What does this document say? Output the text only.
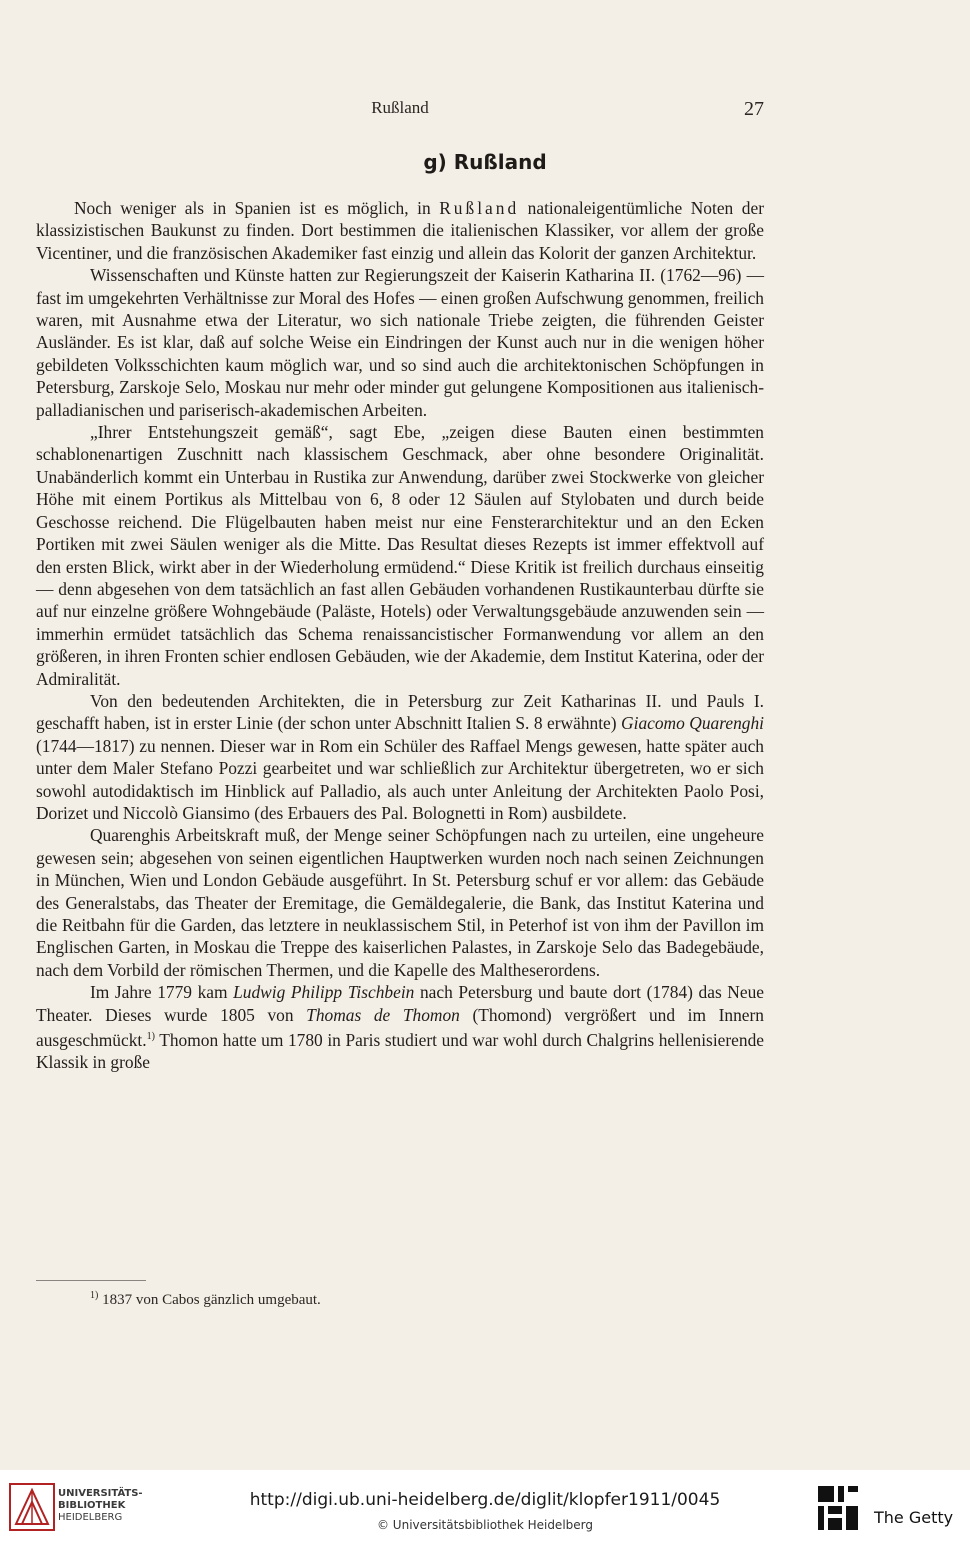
Rußland	27
g) Rußland

Noch weniger als in Spanien ist es möglich, in Rußland nationaleigentümliche Noten der klassizistischen Baukunst zu finden. Dort bestimmen die italienischen Klassiker, vor allem der große Vicentiner, und die französischen Akademiker fast einzig und allein das Kolorit der ganzen Architektur.

Wissenschaften und Künste hatten zur Regierungszeit der Kaiserin Katharina II. (1762—96) — fast im umgekehrten Verhältnisse zur Moral des Hofes — einen großen Aufschwung genommen, freilich waren, mit Ausnahme etwa der Literatur, wo sich nationale Triebe zeigten, die führenden Geister Ausländer. Es ist klar, daß auf solche Weise ein Eindringen der Kunst auch nur in die wenigen höher gebildeten Volksschichten kaum möglich war, und so sind auch die architektonischen Schöpfungen in Petersburg, Zarskoje Selo, Moskau nur mehr oder minder gut gelungene Kompositionen aus italienisch-palladianischen und pariserisch-akademischen Arbeiten.

„Ihrer Entstehungszeit gemäß“, sagt Ebe, „zeigen diese Bauten einen bestimmten schablonenartigen Zuschnitt nach klassischem Geschmack, aber ohne besondere Originalität. Unabänderlich kommt ein Unterbau in Rustika zur Anwendung, darüber zwei Stockwerke von gleicher Höhe mit einem Portikus als Mittelbau von 6, 8 oder 12 Säulen auf Stylobaten und durch beide Geschosse reichend. Die Flügelbauten haben meist nur eine Fensterarchitektur und an den Ecken Portiken mit zwei Säulen weniger als die Mitte. Das Resultat dieses Rezepts ist immer effektvoll auf den ersten Blick, wirkt aber in der Wiederholung ermüdend.“ Diese Kritik ist freilich durchaus einseitig — denn abgesehen von dem tatsächlich an fast allen Gebäuden vorhandenen Rustikaunterbau dürfte sie auf nur einzelne größere Wohngebäude (Paläste, Hotels) oder Verwaltungsgebäude anzuwenden sein — immerhin ermüdet tatsächlich das Schema renaissancistischer Formanwendung vor allem an den größeren, in ihren Fronten schier endlosen Gebäuden, wie der Akademie, dem Institut Katerina, oder der Admiralität.

Von den bedeutenden Architekten, die in Petersburg zur Zeit Katharinas II. und Pauls I. geschafft haben, ist in erster Linie (der schon unter Abschnitt Italien S. 8 erwähnte) Giacomo Quarenghi (1744—1817) zu nennen. Dieser war in Rom ein Schüler des Raffael Mengs gewesen, hatte später auch unter dem Maler Stefano Pozzi gearbeitet und war schließlich zur Architektur übergetreten, wo er sich sowohl autodidaktisch im Hinblick auf Palladio, als auch unter Anleitung der Architekten Paolo Posi, Dorizet und Niccolò Giansimo (des Erbauers des Pal. Bolognetti in Rom) ausbildete.

Quarenghis Arbeitskraft muß, der Menge seiner Schöpfungen nach zu urteilen, eine ungeheure gewesen sein; abgesehen von seinen eigentlichen Hauptwerken wurden noch nach seinen Zeichnungen in München, Wien und London Gebäude ausgeführt. In St. Petersburg schuf er vor allem: das Gebäude des Generalstabs, das Theater der Eremitage, die Gemäldegalerie, die Bank, das Institut Katerina und die Reitbahn für die Garden, das letztere in neuklassischem Stil, in Peterhof ist von ihm der Pavillon im Englischen Garten, in Moskau die Treppe des kaiserlichen Palastes, in Zarskoje Selo das Badegebäude, nach dem Vorbild der römischen Thermen, und die Kapelle des Maltheserordens.

Im Jahre 1779 kam Ludwig Philipp Tischbein nach Petersburg und baute dort (1784) das Neue Theater. Dieses wurde 1805 von Thomas de Thomon (Thomond) vergrößert und im Innern ausgeschmückt.$^{1)}$ Thomon hatte um 1780 in Paris studiert und war wohl durch Chalgrins hellenisierende Klassik in große

$^{1)}$ 1837 von Cabos gänzlich umgebaut.
UNIVERSITÄTS-
BIBLIOTHEK
HEIDELBERG
http://digi.ub.uni-heidelberg.de/diglit/klopfer1911/0045
© Universitätsbibliothek Heidelberg	The Getty
